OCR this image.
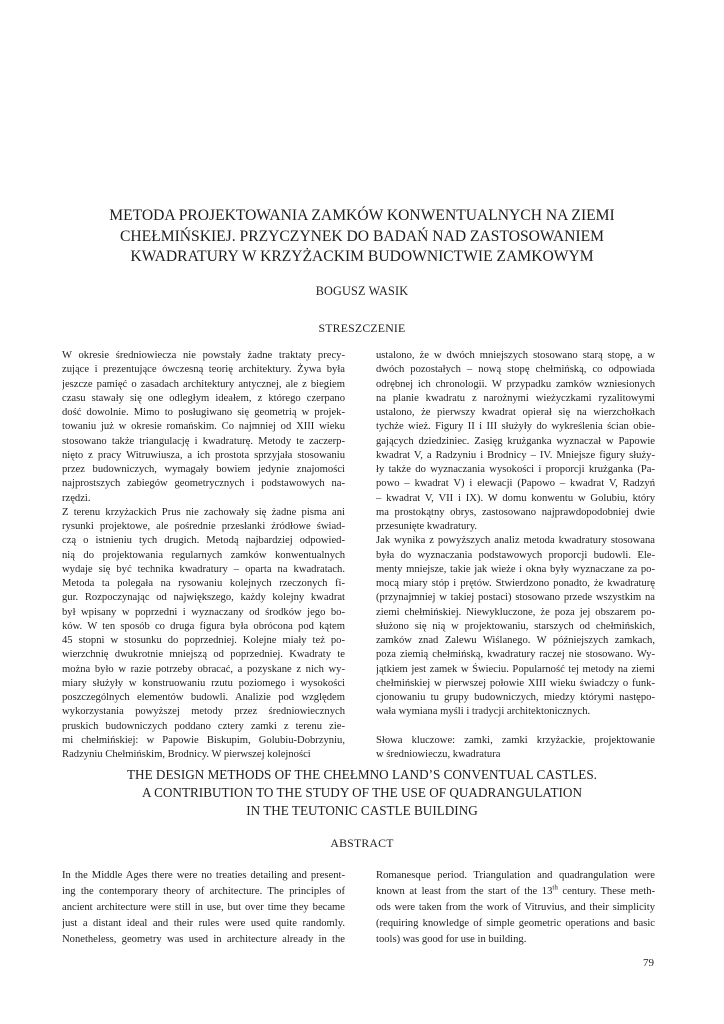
METODA PROJEKTOWANIA ZAMKÓW KONWENTUALNYCH NA ZIEMI
CHEŁMIŃSKIEJ. PRZYCZYNEK DO BADAŃ NAD ZASTOSOWANIEM
KWADRATURY W KRZYŻACKIM BUDOWNICTWIE ZAMKOWYM
BOGUSZ WASIK
STRESZCZENIE

W okresie średniowiecza nie powstały żadne traktaty precy-
zujące i prezentujące ówczesną teorię architektury. Żywa była
jeszcze pamięć o zasadach architektury antycznej, ale z biegiem
czasu stawały się one odległym ideałem, z którego czerpano
dość dowolnie. Mimo to posługiwano się geometrią w projek-
towaniu już w okresie romańskim. Co najmniej od XIII wieku
stosowano także triangulację i kwadraturę. Metody te zaczerp-
nięto z pracy Witruwiusza, a ich prostota sprzyjała stosowaniu
przez budowniczych, wymagały bowiem jedynie znajomości
najprostszych zabiegów geometrycznych i podstawowych na-
rzędzi.

Z terenu krzyżackich Prus nie zachowały się żadne pisma ani
rysunki projektowe, ale pośrednie przesłanki źródłowe świad-
czą o istnieniu tych drugich. Metodą najbardziej odpowied-
nią do projektowania regularnych zamków konwentualnych
wydaje się być technika kwadratury – oparta na kwadratach.
Metoda ta polegała na rysowaniu kolejnych rzeczonych fi-
gur. Rozpoczynając od największego, każdy kolejny kwadrat
był wpisany w poprzedni i wyznaczany od środków jego bo-
ków. W ten sposób co druga figura była obrócona pod kątem
45 stopni w stosunku do poprzedniej. Kolejne miały też po-
wierzchnię dwukrotnie mniejszą od poprzedniej. Kwadraty te
można było w razie potrzeby obracać, a pozyskane z nich wy-
miary służyły w konstruowaniu rzutu poziomego i wysokości
poszczególnych elementów budowli. Analizie pod względem
wykorzystania powyższej metody przez średniowiecznych
pruskich budowniczych poddano cztery zamki z terenu zie-
mi chełmińskiej: w Papowie Biskupim, Golubiu-Dobrzyniu,
Radzyniu Chełmińskim, Brodnicy. W pierwszej kolejności

ustalono, że w dwóch mniejszych stosowano starą stopę, a w
dwóch pozostałych – nową stopę chełmińską, co odpowiada
odrębnej ich chronologii. W przypadku zamków wzniesionych
na planie kwadratu z narożnymi wieżyczkami ryzalitowymi
ustalono, że pierwszy kwadrat opierał się na wierzchołkach
tychże wież. Figury II i III służyły do wykreślenia ścian obie-
gających dziedziniec. Zasięg krużganka wyznaczał w Papowie
kwadrat V, a Radzyniu i Brodnicy – IV. Mniejsze figury służy-
ły także do wyznaczania wysokości i proporcji krużganka (Pa-
powo – kwadrat V) i elewacji (Papowo – kwadrat V, Radzyń
– kwadrat V, VII i IX). W domu konwentu w Golubiu, który
ma prostokątny obrys, zastosowano najprawdopodobniej dwie
przesunięte kwadratury.

Jak wynika z powyższych analiz metoda kwadratury stosowana
była do wyznaczania podstawowych proporcji budowli. Ele-
menty mniejsze, takie jak wieże i okna były wyznaczane za po-
mocą miary stóp i prętów. Stwierdzono ponadto, że kwadraturę
(przynajmniej w takiej postaci) stosowano przede wszystkim na
ziemi chełmińskiej. Niewykluczone, że poza jej obszarem po-
służono się nią w projektowaniu, starszych od chełmińskich,
zamków znad Zalewu Wiślanego. W późniejszych zamkach,
poza ziemią chełmińską, kwadratury raczej nie stosowano. Wy-
jątkiem jest zamek w Świeciu. Popularność tej metody na ziemi
chełmińskiej w pierwszej połowie XIII wieku świadczy o funk-
cjonowaniu tu grupy budowniczych, miedzy którymi następo-
wała wymiana myśli i tradycji architektonicznych.

Słowa kluczowe: zamki, zamki krzyżackie, projektowanie
w średniowieczu, kwadratura

THE DESIGN METHODS OF THE CHEŁMNO LAND’S CONVENTUAL CASTLES.
A CONTRIBUTION TO THE STUDY OF THE USE OF QUADRANGULATION
IN THE TEUTONIC CASTLE BUILDING
ABSTRACT
In the Middle Ages there were no treaties detailing and present-
ing the contemporary theory of architecture. The principles of
ancient architecture were still in use, but over time they became
just a distant ideal and their rules were used quite randomly.
Nonetheless, geometry was used in architecture already in the
Romanesque period. Triangulation and quadrangulation were
known at least from the start of the 13th century. These meth-
ods were taken from the work of Vitruvius, and their simplicity
(requiring knowledge of simple geometric operations and basic
tools) was good for use in building.
79
